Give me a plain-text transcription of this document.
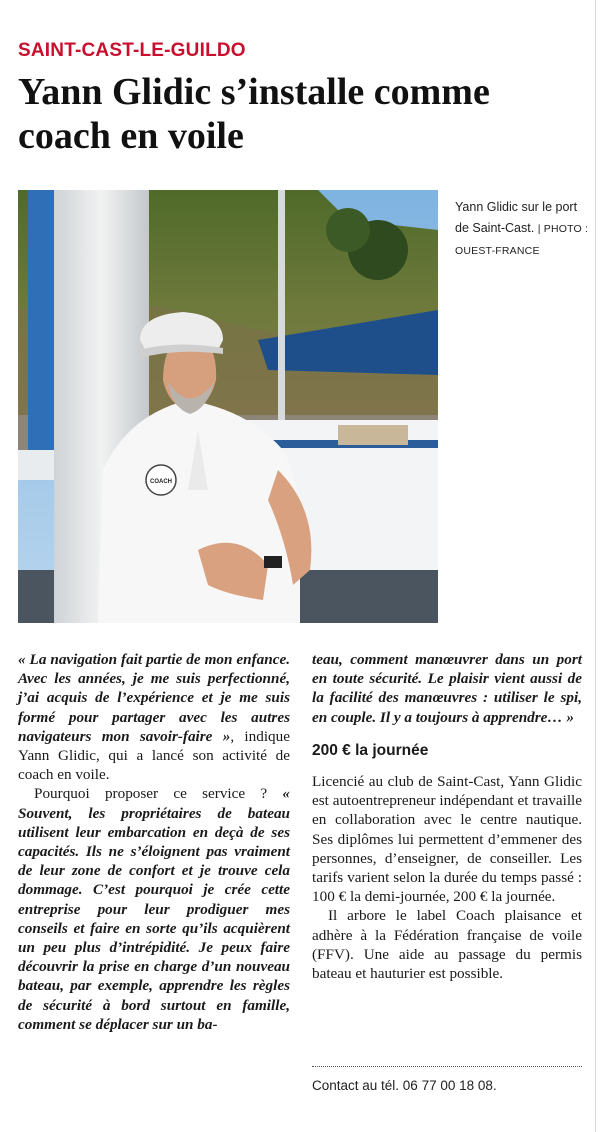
SAINT-CAST-LE-GUILDO
Yann Glidic s’installe comme coach en voile
COACH
Yann Glidic sur le port de Saint-Cast. | PHOTO : OUEST-FRANCE

« La navigation fait partie de mon enfance. Avec les années, je me suis perfectionné, j’ai acquis de l’expérience et je me suis formé pour partager avec les autres navigateurs mon savoir-faire », indique Yann Glidic, qui a lancé son activité de coach en voile.

Pourquoi proposer ce service ? « Souvent, les propriétaires de bateau utilisent leur embarcation en deçà de ses capacités. Ils ne s’éloignent pas vraiment de leur zone de confort et je trouve cela dommage. C’est pourquoi je crée cette entreprise pour leur prodiguer mes conseils et faire en sorte qu’ils acquièrent un peu plus d’intrépidité. Je peux faire découvrir la prise en charge d’un nouveau bateau, par exemple, apprendre les règles de sécurité à bord surtout en famille, comment se déplacer sur un ba-

teau, comment manœuvrer dans un port en toute sécurité. Le plaisir vient aussi de la facilité des manœuvres : utiliser le spi, en couple. Il y a toujours à apprendre… »

200 € la journée

Licencié au club de Saint-Cast, Yann Glidic est autoentrepreneur indépendant et travaille en collaboration avec le centre nautique. Ses diplômes lui permettent d’emmener des personnes, d’enseigner, de conseiller. Les tarifs varient selon la durée du temps passé : 100 € la demi-journée, 200 € la journée.

Il arbore le label Coach plaisance et adhère à la Fédération française de voile (FFV). Une aide au passage du permis bateau et hauturier est possible.

Contact au tél. 06 77 00 18 08.
